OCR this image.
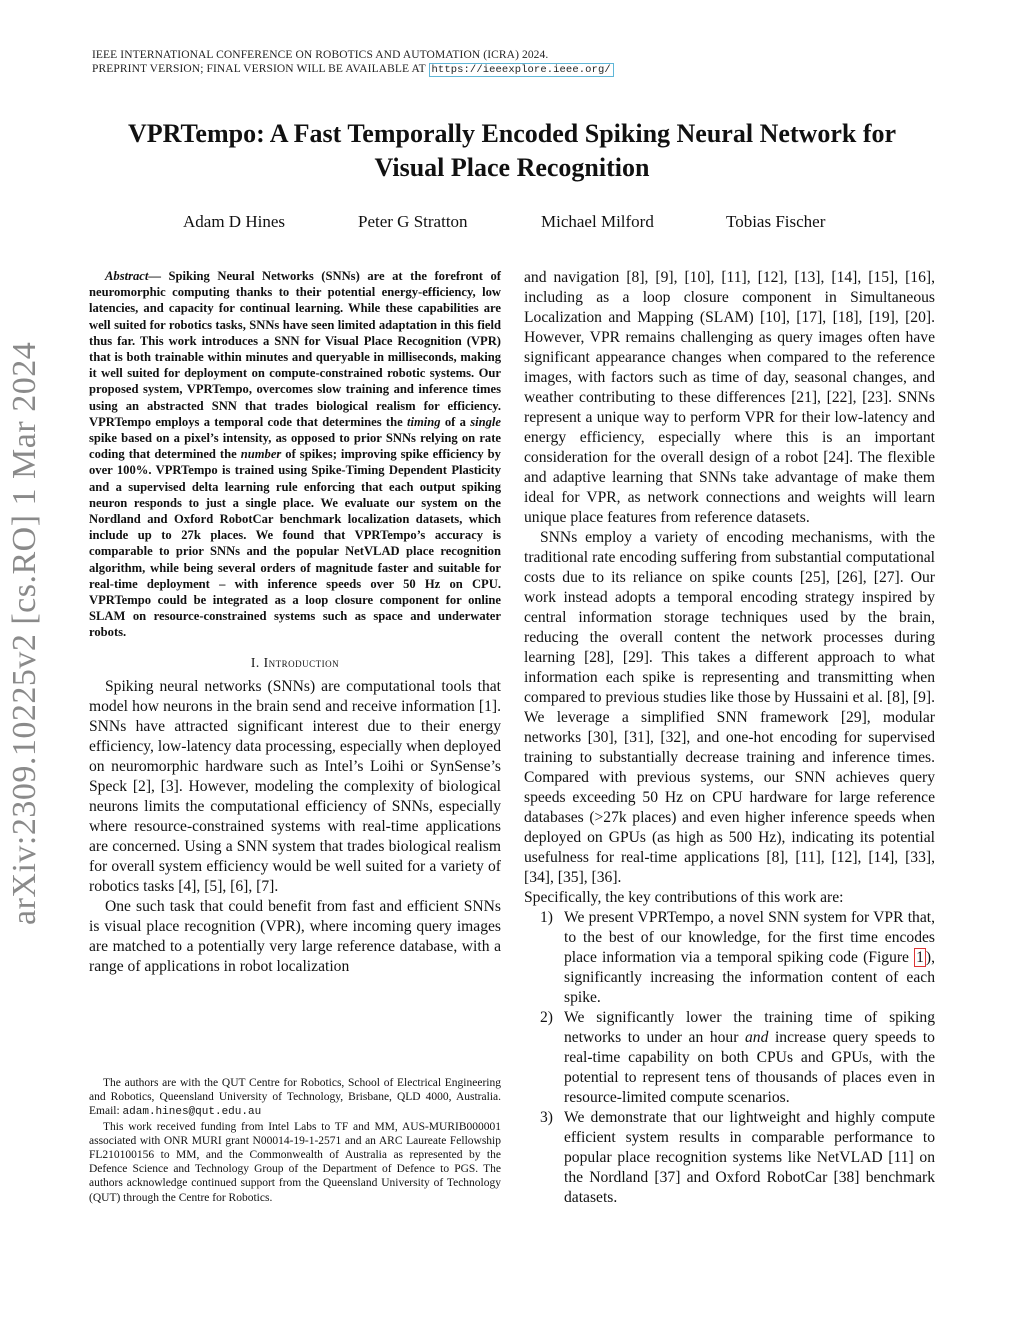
IEEE INTERNATIONAL CONFERENCE ON ROBOTICS AND AUTOMATION (ICRA) 2024.
PREPRINT VERSION; FINAL VERSION WILL BE AVAILABLE AT https://ieeexplore.ieee.org/
VPRTempo: A Fast Temporally Encoded Spiking Neural Network for
Visual Place Recognition
Adam D Hines	Peter G Stratton	Michael Milford	Tobias Fischer
arXiv:2309.10225v2 [cs.RO] 1 Mar 2024

Abstract— Spiking Neural Networks (SNNs) are at the forefront of neuromorphic computing thanks to their potential energy-efficiency, low latencies, and capacity for continual learning. While these capabilities are well suited for robotics tasks, SNNs have seen limited adaptation in this field thus far. This work introduces a SNN for Visual Place Recognition (VPR) that is both trainable within minutes and queryable in milliseconds, making it well suited for deployment on compute-constrained robotic systems. Our proposed system, VPRTempo, overcomes slow training and inference times using an abstracted SNN that trades biological realism for efficiency. VPRTempo employs a temporal code that determines the timing of a single spike based on a pixel’s intensity, as opposed to prior SNNs relying on rate coding that determined the number of spikes; improving spike efficiency by over 100%. VPRTempo is trained using Spike-Timing Dependent Plasticity and a supervised delta learning rule enforcing that each output spiking neuron responds to just a single place. We evaluate our system on the Nordland and Oxford RobotCar benchmark localization datasets, which include up to 27k places. We found that VPRTempo’s accuracy is comparable to prior SNNs and the popular NetVLAD place recognition algorithm, while being several orders of magnitude faster and suitable for real-time deployment – with inference speeds over 50 Hz on CPU. VPRTempo could be integrated as a loop closure component for online SLAM on resource-constrained systems such as space and underwater robots.

I. Introduction

Spiking neural networks (SNNs) are computational tools that model how neurons in the brain send and receive information [1]. SNNs have attracted significant interest due to their energy efficiency, low-latency data processing, especially when deployed on neuromorphic hardware such as Intel’s Loihi or SynSense’s Speck [2], [3]. However, modeling the complexity of biological neurons limits the computational efficiency of SNNs, especially where resource-constrained systems with real-time applications are concerned. Using a SNN system that trades biological realism for overall system efficiency would be well suited for a variety of robotics tasks [4], [5], [6], [7].

One such task that could benefit from fast and efficient SNNs is visual place recognition (VPR), where incoming query images are matched to a potentially very large reference database, with a range of applications in robot localization

The authors are with the QUT Centre for Robotics, School of Electrical Engineering and Robotics, Queensland University of Technology, Brisbane, QLD 4000, Australia. Email: adam.hines@qut.edu.au

This work received funding from Intel Labs to TF and MM, AUS-MURIB000001 associated with ONR MURI grant N00014-19-1-2571 and an ARC Laureate Fellowship FL210100156 to MM, and the Commonwealth of Australia as represented by the Defence Science and Technology Group of the Department of Defence to PGS. The authors acknowledge continued support from the Queensland University of Technology (QUT) through the Centre for Robotics.

and navigation [8], [9], [10], [11], [12], [13], [14], [15], [16], including as a loop closure component in Simultaneous Localization and Mapping (SLAM) [10], [17], [18], [19], [20]. However, VPR remains challenging as query images often have significant appearance changes when compared to the reference images, with factors such as time of day, seasonal changes, and weather contributing to these differences [21], [22], [23]. SNNs represent a unique way to perform VPR for their low-latency and energy efficiency, especially where this is an important consideration for the overall design of a robot [24]. The flexible and adaptive learning that SNNs take advantage of make them ideal for VPR, as network connections and weights will learn unique place features from reference datasets.

SNNs employ a variety of encoding mechanisms, with the traditional rate encoding suffering from substantial computational costs due to its reliance on spike counts [25], [26], [27]. Our work instead adopts a temporal encoding strategy inspired by central information storage techniques used by the brain, reducing the overall content the network processes during learning [28], [29]. This takes a different approach to what information each spike is representing and transmitting when compared to previous studies like those by Hussaini et al. [8], [9]. We leverage a simplified SNN framework [29], modular networks [30], [31], [32], and one-hot encoding for supervised training to substantially decrease training and inference times. Compared with previous systems, our SNN achieves query speeds exceeding 50 Hz on CPU hardware for large reference databases (>27k places) and even higher inference speeds when deployed on GPUs (as high as 500 Hz), indicating its potential usefulness for real-time applications [8], [11], [12], [14], [33], [34], [35], [36].

Specifically, the key contributions of this work are:

1) We present VPRTempo, a novel SNN system for VPR that, to the best of our knowledge, for the first time encodes place information via a temporal spiking code (Figure 1 ), significantly increasing the information content of each spike.
2) We significantly lower the training time of spiking networks to under an hour and increase query speeds to real-time capability on both CPUs and GPUs, with the potential to represent tens of thousands of places even in resource-limited compute scenarios.
3) We demonstrate that our lightweight and highly compute efficient system results in comparable performance to popular place recognition systems like NetVLAD [11] on the Nordland [37] and Oxford RobotCar [38] benchmark datasets.
